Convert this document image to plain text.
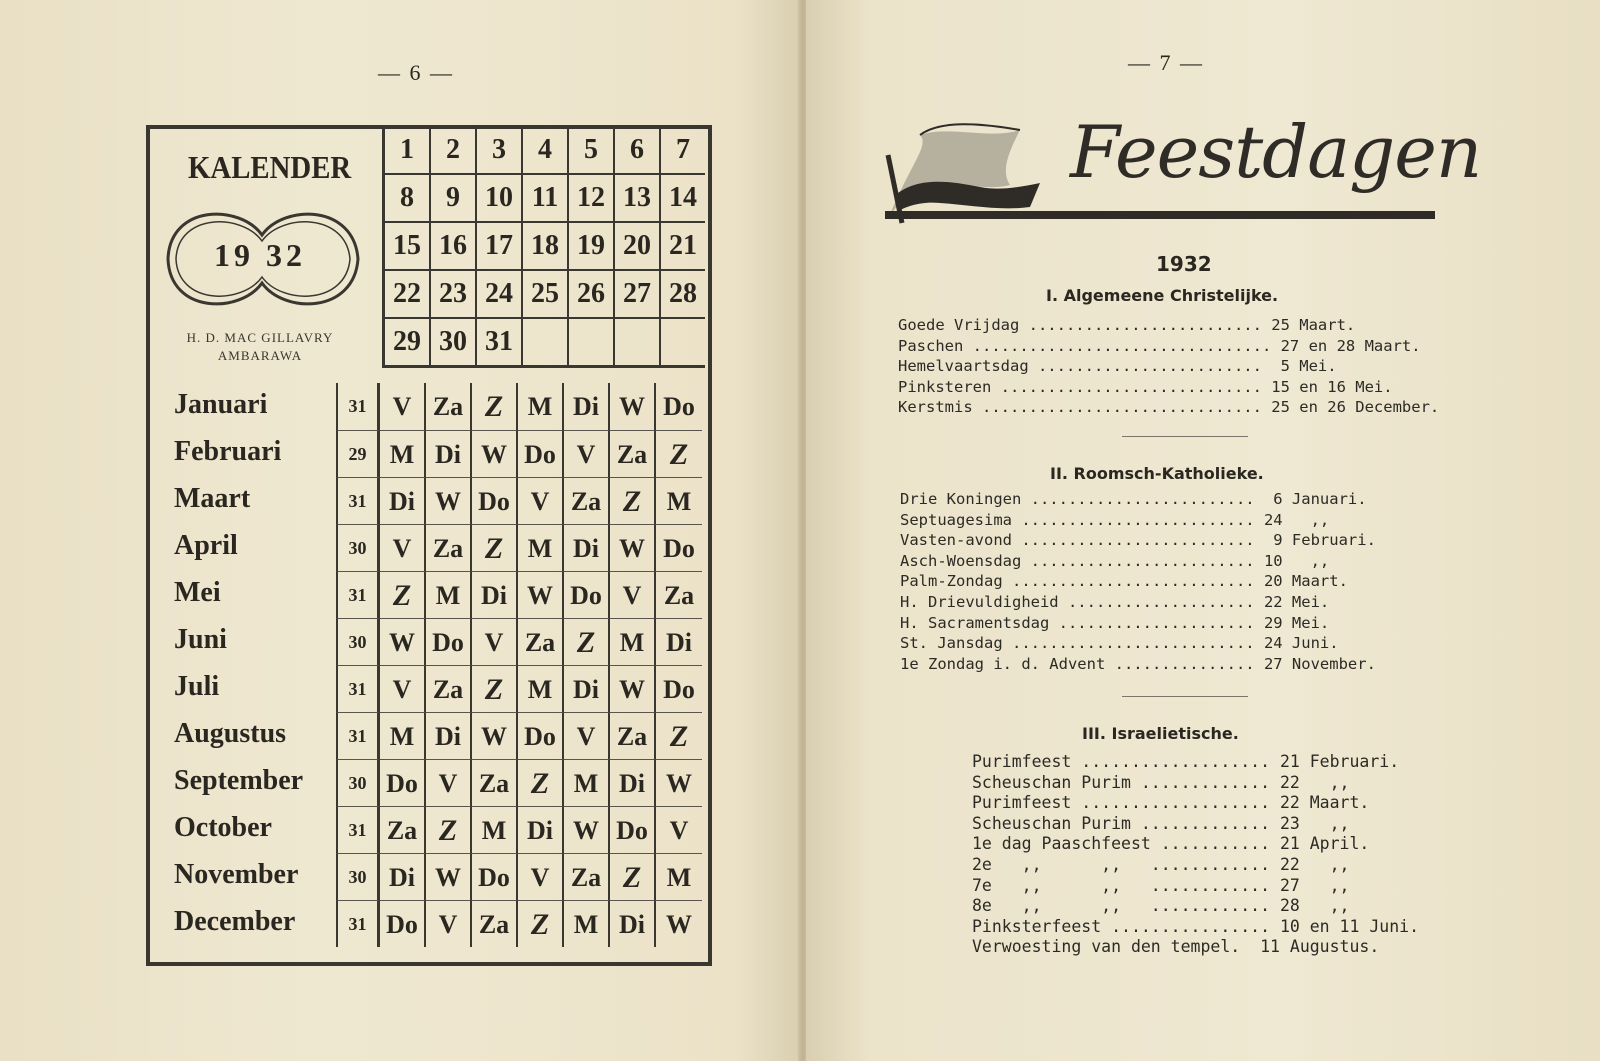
— 6 —
KALENDER
19 32
H. D. MAC GILLAVRY
AMBARAWA
1	2	3	4	5	6	7
8	9	10	11	12	13	14
15	16	17	18	19	20	21
22	23	24	25	26	27	28
29	30	31				
Januari	31	V Za Z M Di W Do
Februari	29 M Di W Do V Za Z
Maart	31 Di W Do V Za Z M
April	30	V Za Z M Di W Do
Mei	31 Z M Di W Do V Za
Juni	30 W Do V Za Z M Di
Juli	31	V Za Z M Di W Do
Augustus	31 M Di W Do V Za Z
September	30 Do V Za Z M Di W
October	31 Za Z M Di W Do V
November	30 Di W Do V Za Z M
December	31 Do V Za Z M Di W
— 7 —
Feestdagen
1932
I. Algemeene Christelijke.
Goede Vrijdag ......................... 25 Maart.
Paschen ................................ 27 en 28 Maart.
Hemelvaartsdag ........................  5 Mei.
Pinksteren ............................ 15 en 16 Mei.
Kerstmis .............................. 25 en 26 December.
II. Roomsch-Katholieke.
Drie Koningen ........................  6 Januari.
Septuagesima ......................... 24   ,,
Vasten-avond .........................  9 Februari.
Asch-Woensdag ........................ 10   ,,
Palm-Zondag .......................... 20 Maart.
H. Drievuldigheid .................... 22 Mei.
H. Sacramentsdag ..................... 29 Mei.
St. Jansdag .......................... 24 Juni.
1e Zondag i. d. Advent ............... 27 November.
III. Israelietische.
Purimfeest ................... 21 Februari.
Scheuschan Purim ............. 22   ,,
Purimfeest ................... 22 Maart.
Scheuschan Purim ............. 23   ,,
1e dag Paaschfeest ........... 21 April.
2e   ,,      ,,   ............ 22   ,,
7e   ,,      ,,   ............ 27   ,,
8e   ,,      ,,   ............ 28   ,,
Pinksterfeest ................ 10 en 11 Juni.
Verwoesting van den tempel.  11 Augustus.
